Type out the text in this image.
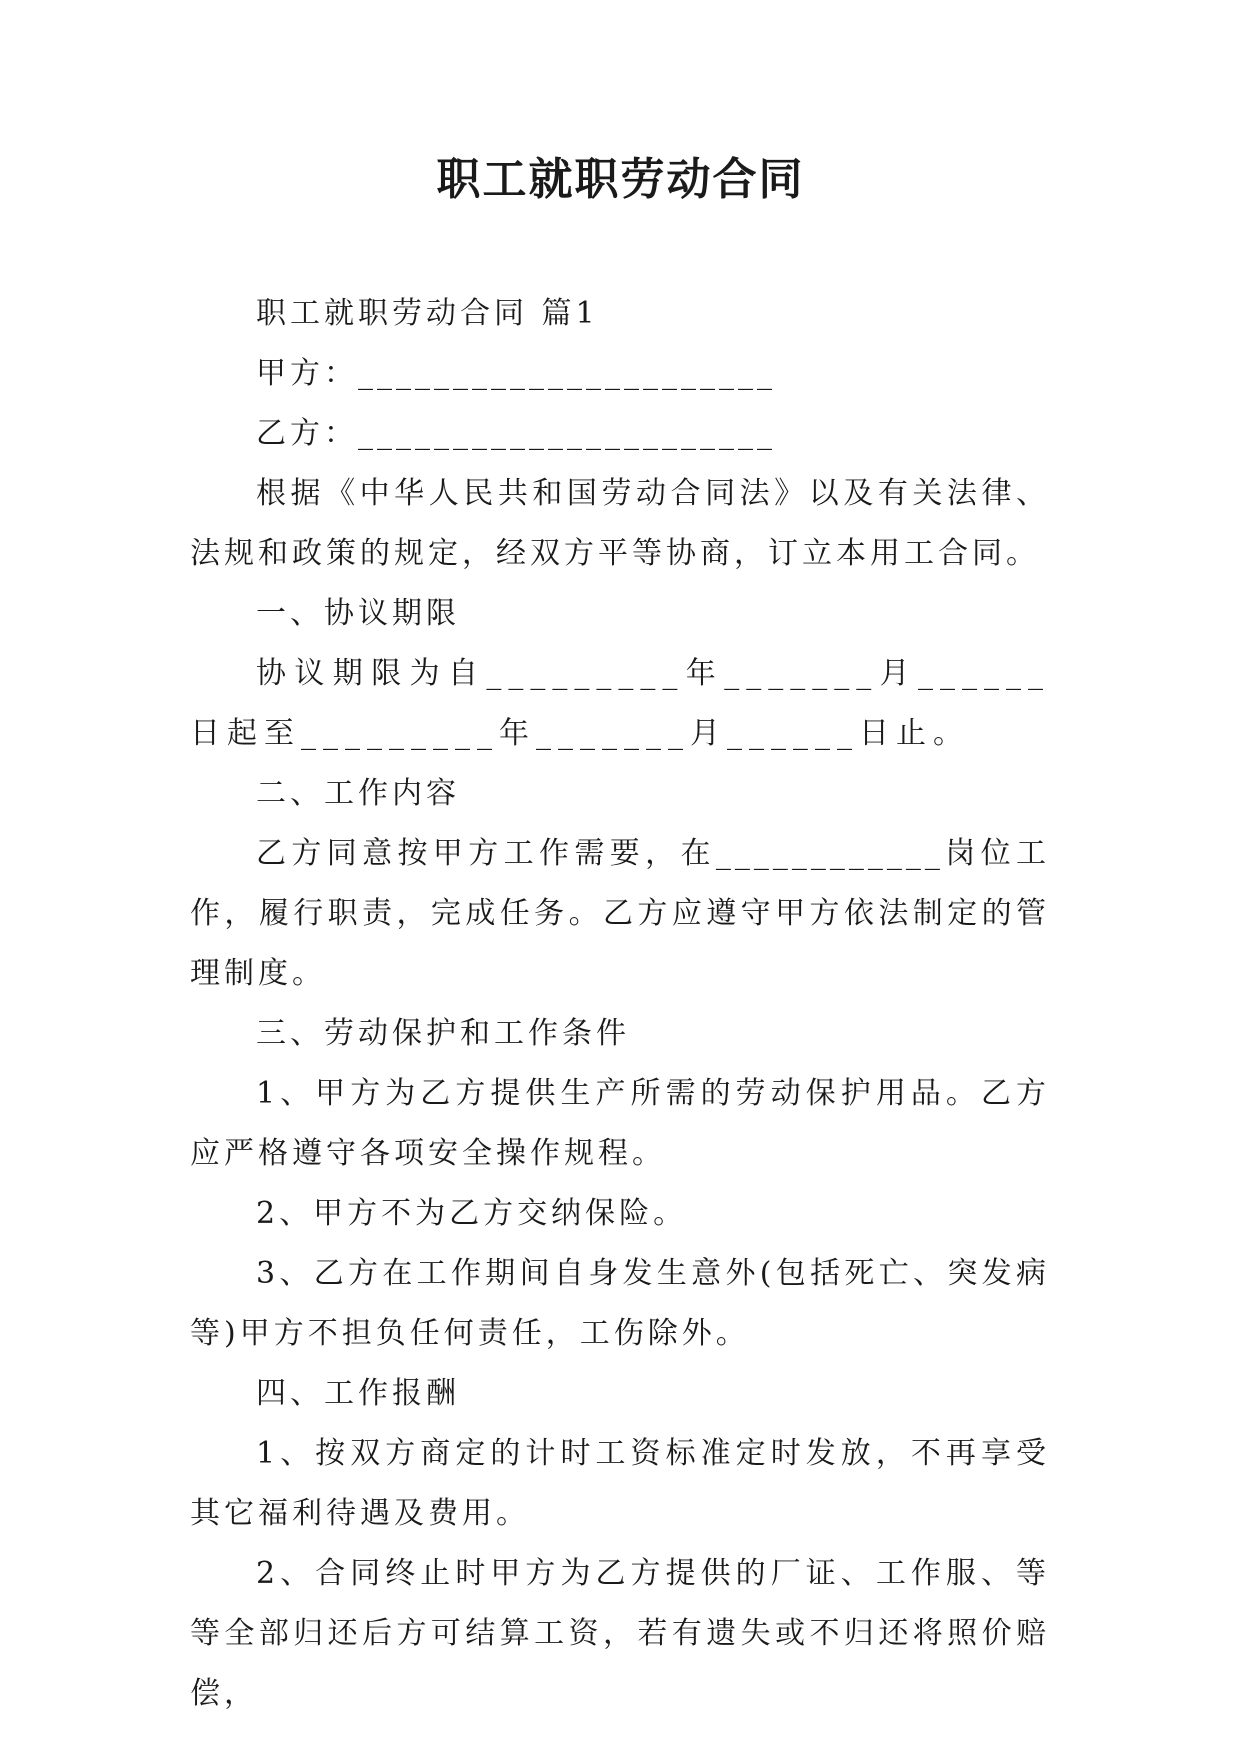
职工就职劳动合同

职工就职劳动合同 篇1

甲方：______________________

乙方：______________________

根据《中华人民共和国劳动合同法》以及有关法律、法规和政策的规定，经双方平等协商，订立本用工合同。

一、协议期限

协议期限为自_________年_______月______日起至_________年_______月______日止。

二、工作内容

乙方同意按甲方工作需要，在____________岗位工作，履行职责，完成任务。乙方应遵守甲方依法制定的管理制度。

三、劳动保护和工作条件

1、甲方为乙方提供生产所需的劳动保护用品。乙方应严格遵守各项安全操作规程。

2、甲方不为乙方交纳保险。

3、乙方在工作期间自身发生意外(包括死亡、突发病等)甲方不担负任何责任，工伤除外。

四、工作报酬

1、按双方商定的计时工资标准定时发放，不再享受其它福利待遇及费用。

2、合同终止时甲方为乙方提供的厂证、工作服、等等全部归还后方可结算工资，若有遗失或不归还将照价赔偿，
